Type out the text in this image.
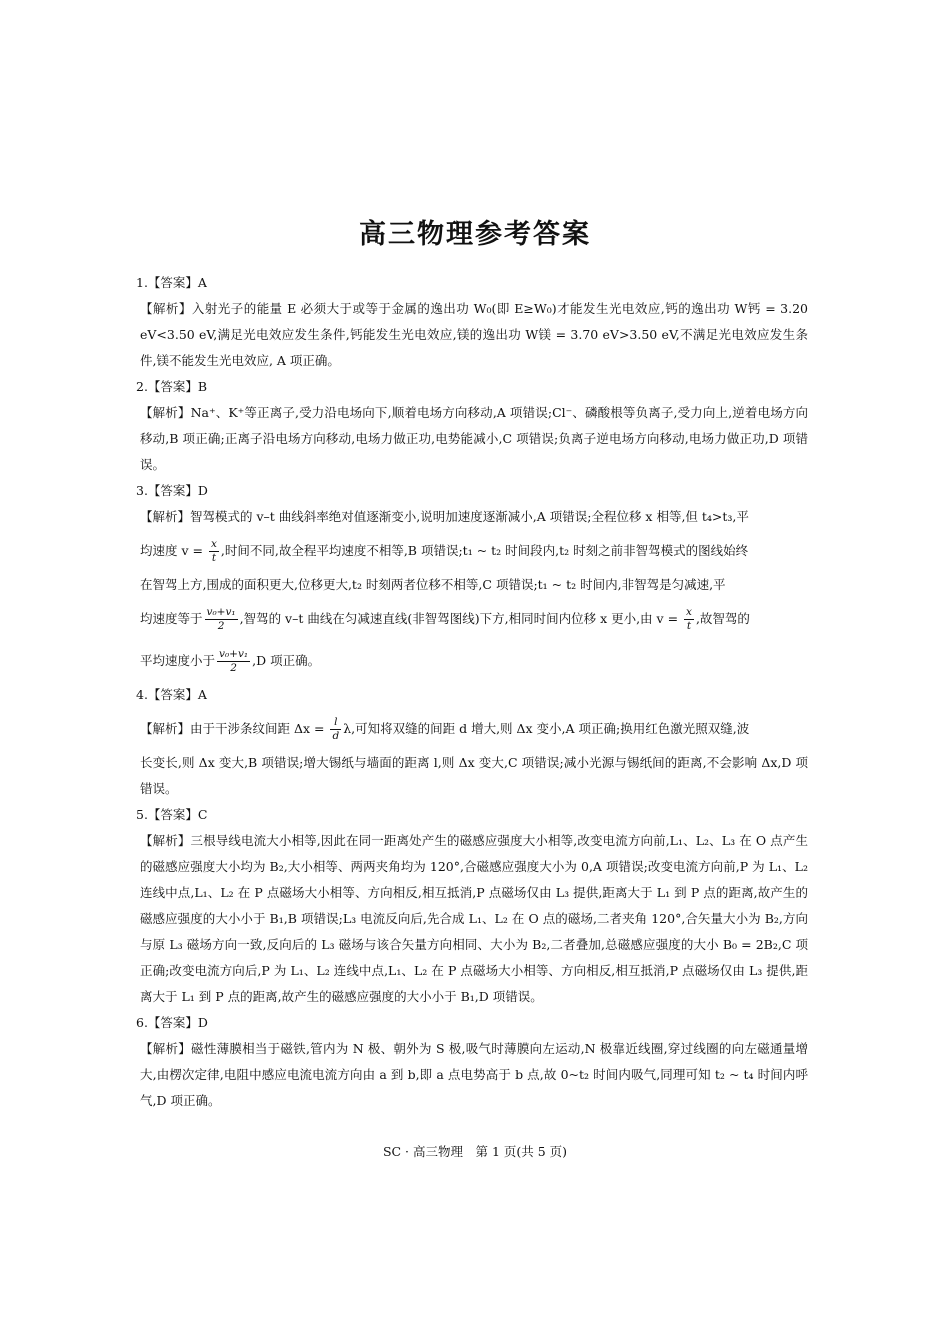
高三物理参考答案
1.【答案】A
【解析】入射光子的能量 E 必须大于或等于金属的逸出功 W₀(即 E≥W₀)才能发生光电效应,钙的逸出功 W钙 = 3.20 eV<3.50 eV,满足光电效应发生条件,钙能发生光电效应,镁的逸出功 W镁 = 3.70 eV>3.50 eV,不满足光电效应发生条件,镁不能发生光电效应, A 项正确。
2.【答案】B
【解析】Na⁺、K⁺等正离子,受力沿电场向下,顺着电场方向移动,A 项错误;Cl⁻、磷酸根等负离子,受力向上,逆着电场方向移动,B 项正确;正离子沿电场方向移动,电场力做正功,电势能减小,C 项错误;负离子逆电场方向移动,电场力做正功,D 项错误。
3.【答案】D
【解析】智驾模式的 v–t 曲线斜率绝对值逐渐变小,说明加速度逐渐减小,A 项错误;全程位移 x 相等,但 t₄>t₃,平
均速度 $v = \frac{x}{t}$ ,时间不同,故全程平均速度不相等,B 项错误;t₁ ~ t₂ 时间段内,t₂ 时刻之前非智驾模式的图线始终
在智驾上方,围成的面积更大,位移更大,t₂ 时刻两者位移不相等,C 项错误;t₁ ~ t₂ 时间内,非智驾是匀减速,平
均速度等于 $\frac{\text{v₀+v₁}}{2}$ ,智驾的 v–t 曲线在匀减速直线(非智驾图线)下方,相同时间内位移 x 更小,由 $v = \frac{x}{t}$ ,故智驾的
平均速度小于 $\frac{\text{v₀+v₁}}{2} ,D$ 项正确。
4.【答案】A
【解析】由于干涉条纹间距 $\Delta x = \frac{l}{d} \lambda$,可知将双缝的间距 d 增大,则 Δx 变小,A 项正确;换用红色激光照双缝,波
长变长,则 Δx 变大,B 项错误;增大锡纸与墙面的距离 l,则 Δx 变大,C 项错误;减小光源与锡纸间的距离,不会影响 Δx,D 项错误。
5.【答案】C
【解析】三根导线电流大小相等,因此在同一距离处产生的磁感应强度大小相等,改变电流方向前,L₁、L₂、L₃ 在 O 点产生的磁感应强度大小均为 B₂,大小相等、两两夹角均为 120°,合磁感应强度大小为 0,A 项错误;改变电流方向前,P 为 L₁、L₂ 连线中点,L₁、L₂ 在 P 点磁场大小相等、方向相反,相互抵消,P 点磁场仅由 L₃ 提供,距离大于 L₁ 到 P 点的距离,故产生的磁感应强度的大小小于 B₁,B 项错误;L₃ 电流反向后,先合成 L₁、L₂ 在 O 点的磁场,二者夹角 120°,合矢量大小为 B₂,方向与原 L₃ 磁场方向一致,反向后的 L₃ 磁场与该合矢量方向相同、大小为 B₂,二者叠加,总磁感应强度的大小 B₀ = 2B₂,C 项正确;改变电流方向后,P 为 L₁、L₂ 连线中点,L₁、L₂ 在 P 点磁场大小相等、方向相反,相互抵消,P 点磁场仅由 L₃ 提供,距离大于 L₁ 到 P 点的距离,故产生的磁感应强度的大小小于 B₁,D 项错误。
6.【答案】D
【解析】磁性薄膜相当于磁铁,管内为 N 极、朝外为 S 极,吸气时薄膜向左运动,N 极靠近线圈,穿过线圈的向左磁通量增大,由楞次定律,电阻中感应电流电流方向由 a 到 b,即 a 点电势高于 b 点,故 0~t₂ 时间内吸气,同理可知 t₂ ~ t₄ 时间内呼气,D 项正确。
SC · 高三物理　第 1 页(共 5 页)
